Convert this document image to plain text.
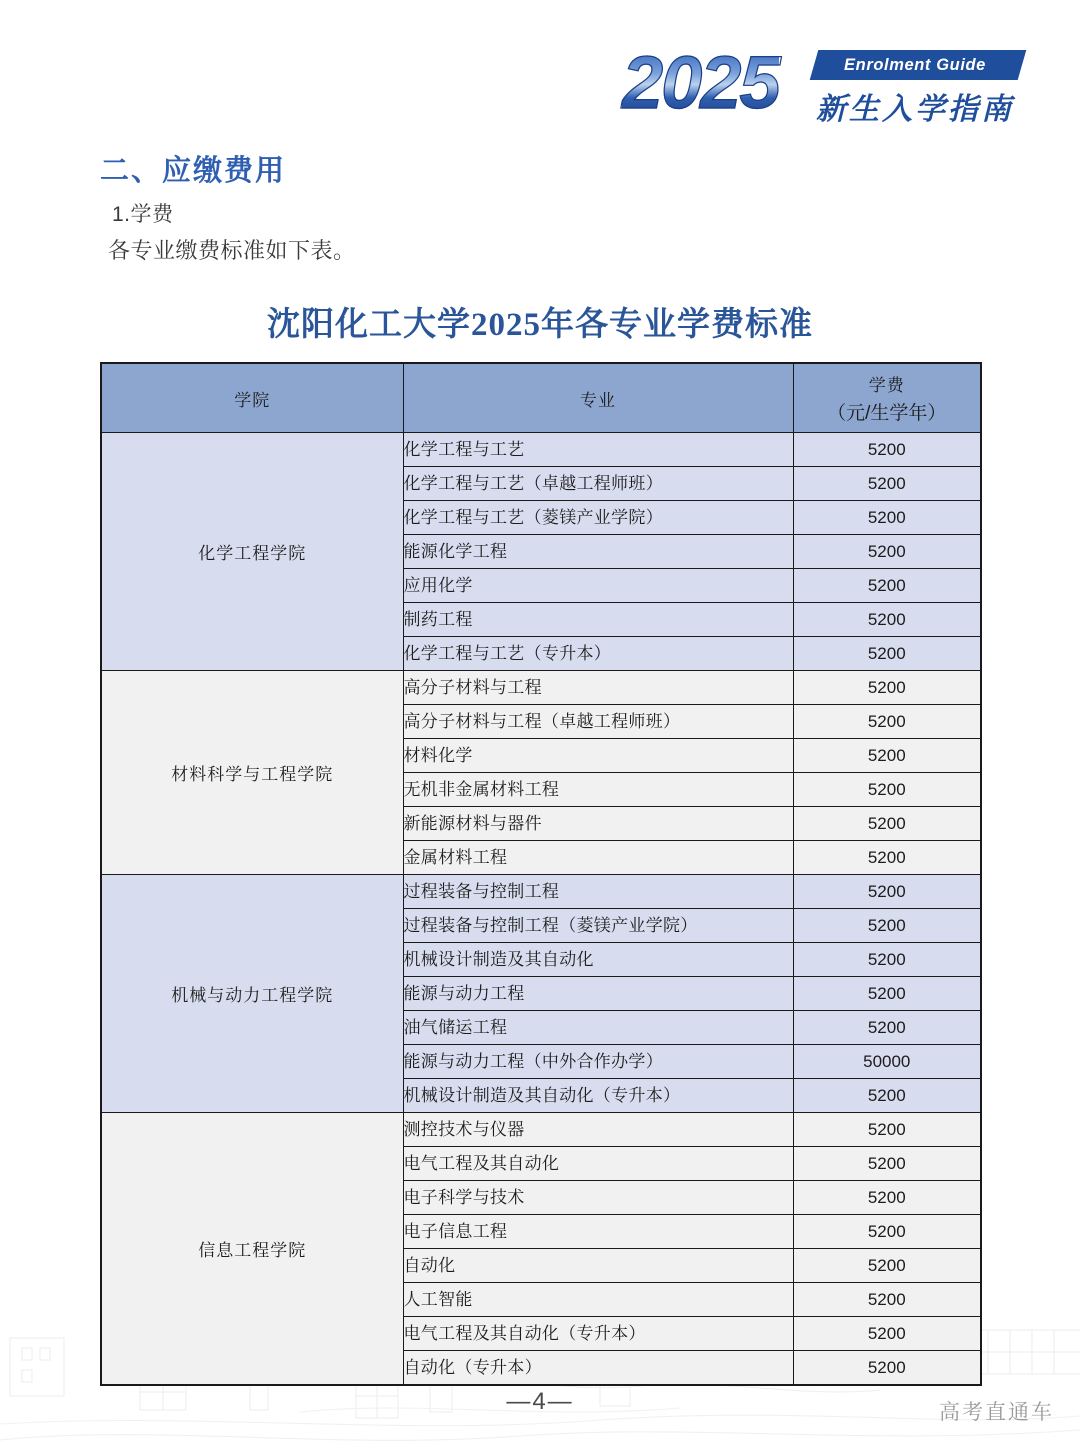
2025	Enrolment Guide
新生入学指南
二、应缴费用
1.学费
各专业缴费标准如下表。
沈阳化工大学2025年各专业学费标准
学院	专业	学费
（元/生学年）

化学工程学院	化学工程与工艺	5200
	化学工程与工艺（卓越工程师班）	5200
	化学工程与工艺（菱镁产业学院）	5200
	能源化学工程	5200
	应用化学	5200
	制药工程	5200
	化学工程与工艺（专升本）	5200
材料科学与工程学院	高分子材料与工程	5200
	高分子材料与工程（卓越工程师班）	5200
	材料化学	5200
	无机非金属材料工程	5200
	新能源材料与器件	5200
	金属材料工程	5200
机械与动力工程学院	过程装备与控制工程	5200
	过程装备与控制工程（菱镁产业学院）	5200
	机械设计制造及其自动化	5200
	能源与动力工程	5200
	油气储运工程	5200
	能源与动力工程（中外合作办学）	50000
	机械设计制造及其自动化（专升本）	5200
信息工程学院	测控技术与仪器	5200
	电气工程及其自动化	5200
	电子科学与技术	5200
	电子信息工程	5200
	自动化	5200
	人工智能	5200
	电气工程及其自动化（专升本）	5200
	自动化（专升本）	5200
—4—	高考直通车
